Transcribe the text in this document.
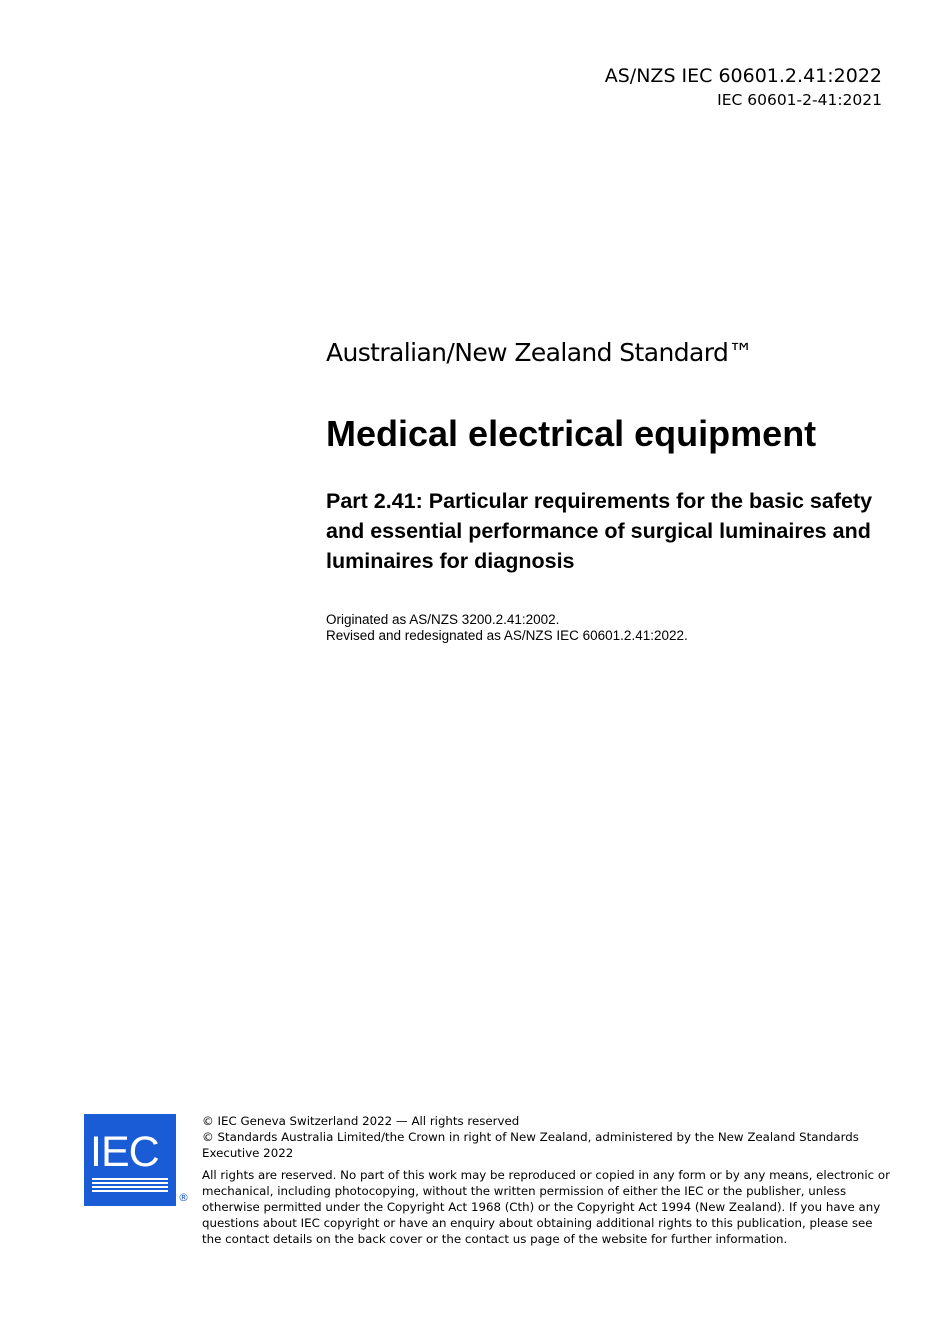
AS/NZS IEC 60601.2.41:2022
IEC 60601-2-41:2021
Australian/New Zealand Standard™
Medical electrical equipment
Part 2.41: Particular requirements for the basic safety and essential performance of surgical luminaires and luminaires for diagnosis
Originated as AS/NZS 3200.2.41:2002.
Revised and redesignated as AS/NZS IEC 60601.2.41:2022.
IEC
®
© IEC Geneva Switzerland 2022 — All rights reserved
© Standards Australia Limited/the Crown in right of New Zealand, administered by the New Zealand Standards Executive 2022
All rights are reserved. No part of this work may be reproduced or copied in any form or by any means, electronic or mechanical, including photocopying, without the written permission of either the IEC or the publisher, unless otherwise permitted under the Copyright Act 1968 (Cth) or the Copyright Act 1994 (New Zealand). If you have any questions about IEC copyright or have an enquiry about obtaining additional rights to this publication, please see the contact details on the back cover or the contact us page of the website for further information.
